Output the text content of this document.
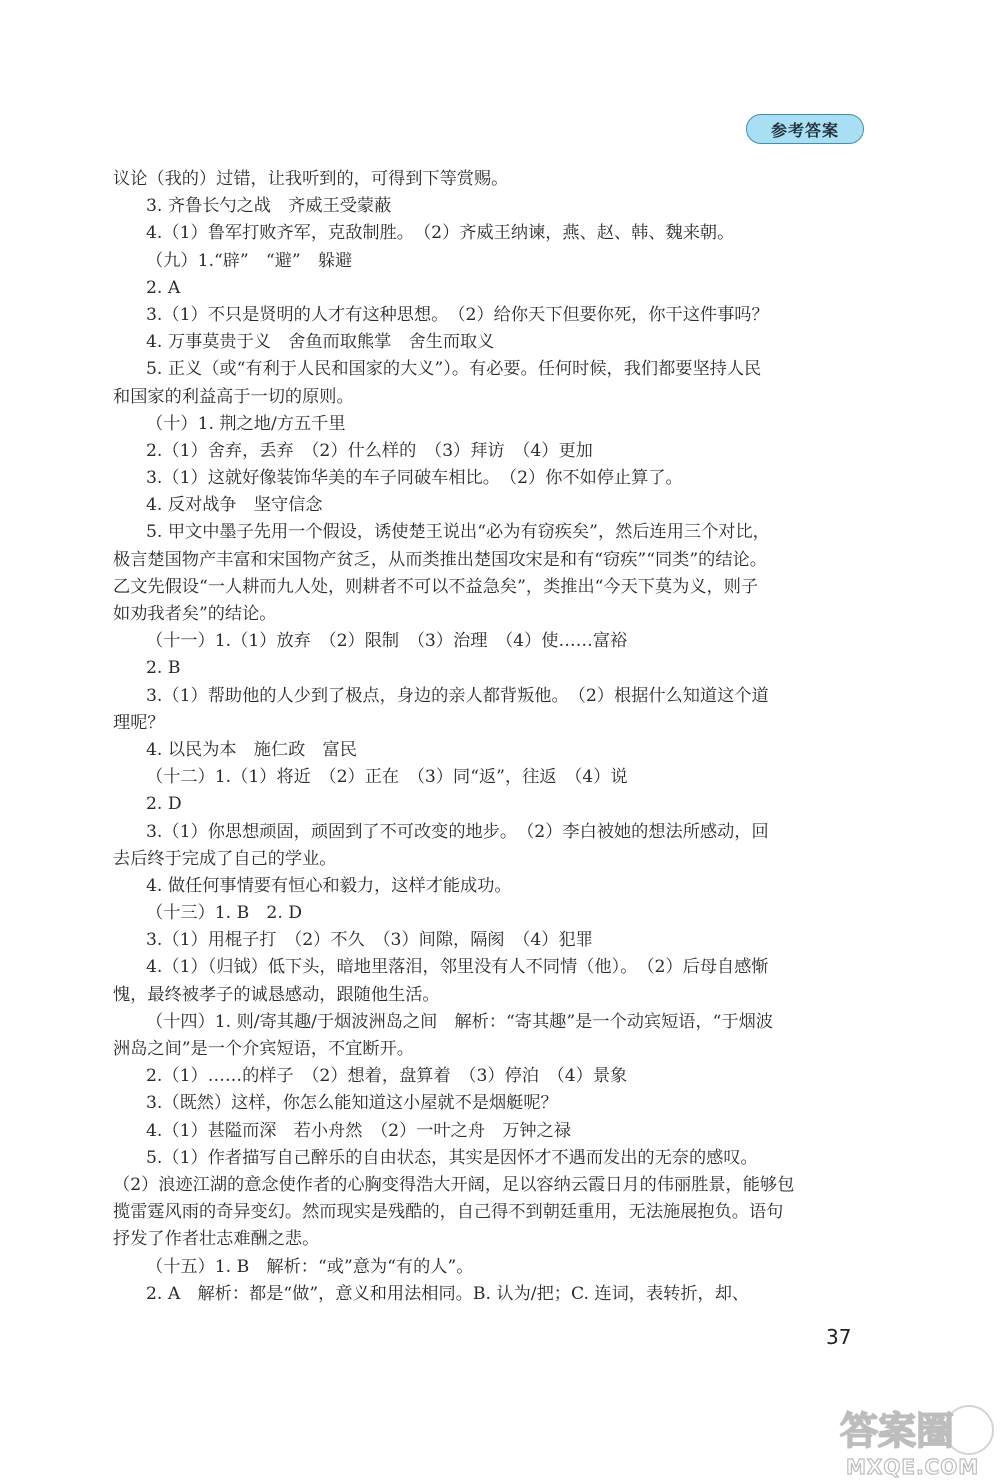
参考答案
议论（我的）过错，让我听到的，可得到下等赏赐。
3. 齐鲁长勺之战　齐威王受蒙蔽
4.（1）鲁军打败齐军，克敌制胜。　（2）齐威王纳谏，燕、赵、韩、魏来朝。
（九）1.“辟”　“避”　躲避
2. A
3.（1）不只是贤明的人才有这种思想。　（2）给你天下但要你死，你干这件事吗？
4. 万事莫贵于义　舍鱼而取熊掌　舍生而取义
5. 正义（或“有利于人民和国家的大义”）。有必要。任何时候，我们都要坚持人民
和国家的利益高于一切的原则。
（十）1. 荆之地/方五千里
2.（1）舍弃，丢弃　（2）什么样的　（3）拜访　（4）更加
3.（1）这就好像装饰华美的车子同破车相比。　（2）你不如停止算了。
4. 反对战争　坚守信念
5. 甲文中墨子先用一个假设，诱使楚王说出“必为有窃疾矣”，然后连用三个对比，
极言楚国物产丰富和宋国物产贫乏，从而类推出楚国攻宋是和有“窃疾”“同类”的结论。
乙文先假设“一人耕而九人处，则耕者不可以不益急矣”，类推出“今天下莫为义，则子
如劝我者矣”的结论。
（十一）1.（1）放弃　（2）限制　（3）治理　（4）使……富裕
2. B
3.（1）帮助他的人少到了极点，身边的亲人都背叛他。　（2）根据什么知道这个道
理呢？
4. 以民为本　施仁政　富民
（十二）1.（1）将近　（2）正在　（3）同“返”，往返　（4）说
2. D
3.（1）你思想顽固，顽固到了不可改变的地步。　（2）李白被她的想法所感动，回
去后终于完成了自己的学业。
4. 做任何事情要有恒心和毅力，这样才能成功。
（十三）1. B　2. D
3.（1）用棍子打　（2）不久　（3）间隙，隔阂　（4）犯罪
4.（1）（归钺）低下头，暗地里落泪，邻里没有人不同情（他）。　（2）后母自感惭
愧，最终被孝子的诚恳感动，跟随他生活。
（十四）1. 则/寄其趣/于烟波洲岛之间　解析：“寄其趣”是一个动宾短语，“于烟波
洲岛之间”是一个介宾短语，不宜断开。
2.（1）……的样子　（2）想着，盘算着　（3）停泊　（4）景象
3.（既然）这样，你怎么能知道这小屋就不是烟艇呢？
4.（1）甚隘而深　若小舟然　（2）一叶之舟　万钟之禄
5.（1）作者描写自己醉乐的自由状态，其实是因怀才不遇而发出的无奈的感叹。
（2）浪迹江湖的意念使作者的心胸变得浩大开阔，足以容纳云霞日月的伟丽胜景，能够包
揽雷霆风雨的奇异变幻。然而现实是残酷的，自己得不到朝廷重用，无法施展抱负。语句
抒发了作者壮志难酬之悲。
（十五）1. B　解析：“或”意为“有的人”。
2. A　解析：都是“做”，意义和用法相同。B. 认为/把；C. 连词，表转折，却、
37
答案圈
MXQE.COM
